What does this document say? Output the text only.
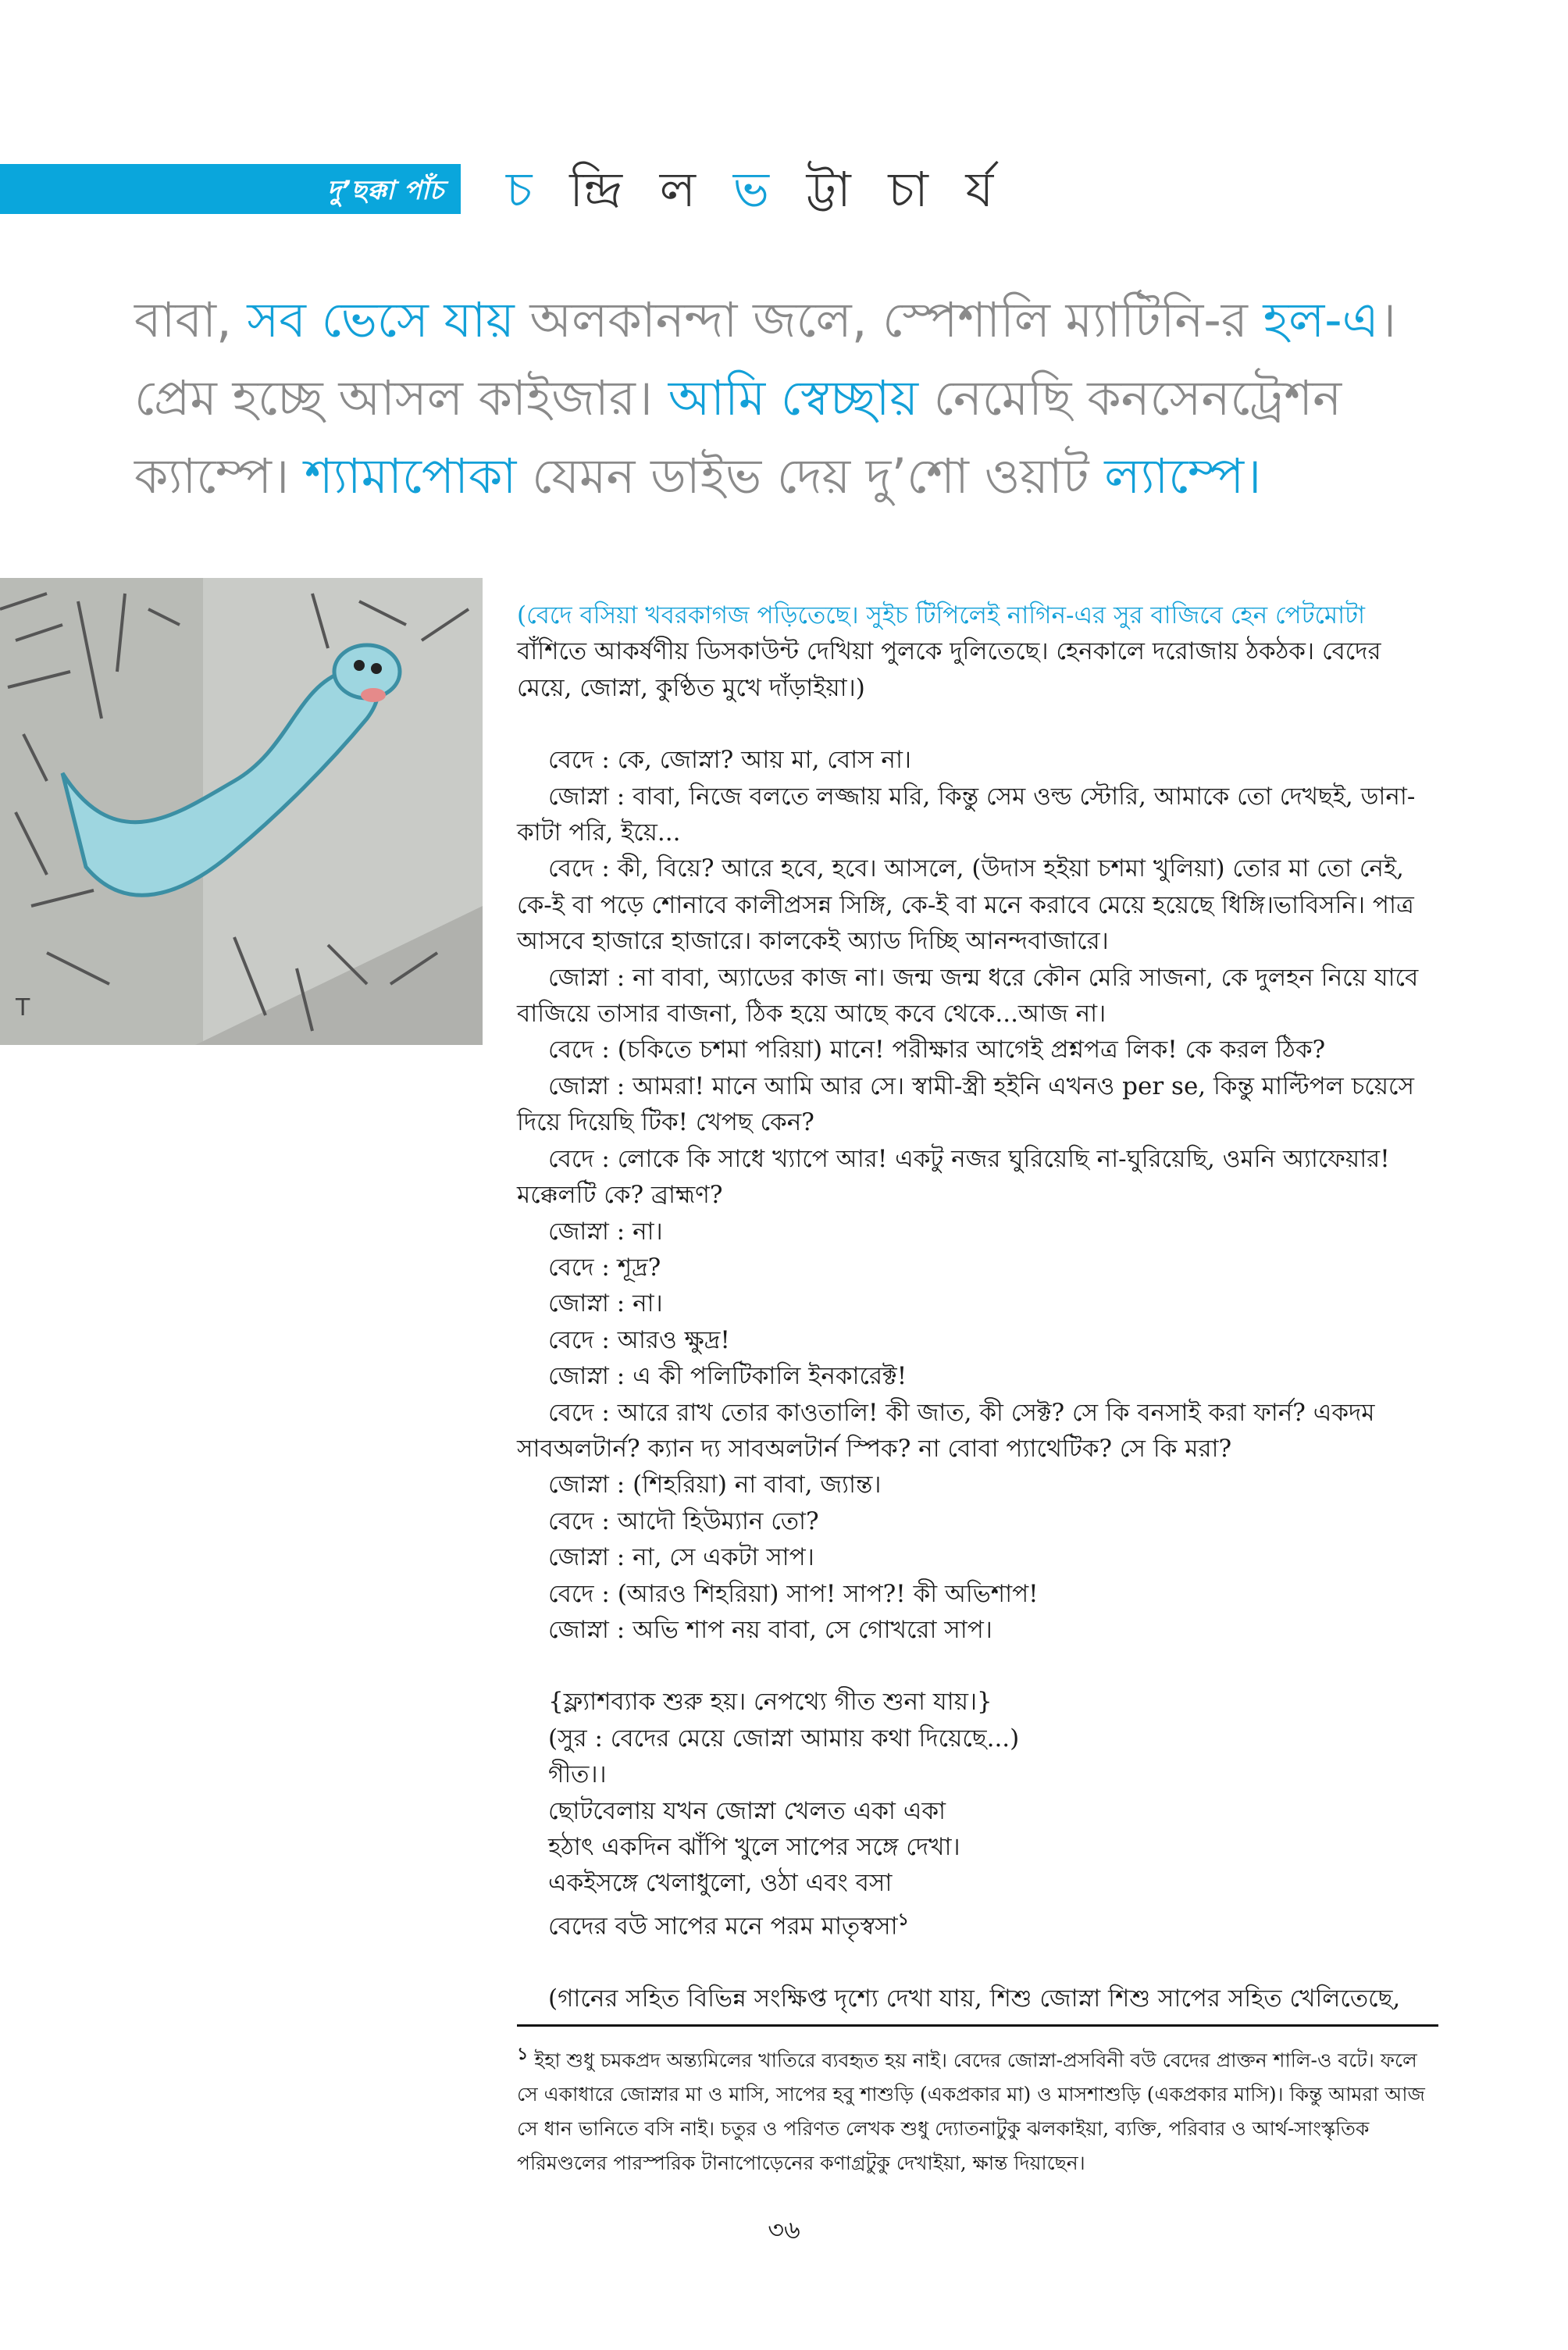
দু’ছক্কা পাঁচ চ ন্দ্রি ল ভ ট্টা চা র্য
বাবা, সব ভেসে যায় অলকানন্দা জলে, স্পেশালি ম্যাটিনি-র হল-এ। প্রেম হচ্ছে আসল কাইজার। আমি স্বেচ্ছায় নেমেছি কনসেনট্রেশন ক্যাম্পে। শ্যামাপোকা যেমন ডাইভ দেয় দু’শো ওয়াট ল্যাম্পে।
T

(বেদে বসিয়া খবরকাগজ পড়িতেছে। সুইচ টিপিলেই নাগিন-এর সুর বাজিবে হেন পেটমোটা বাঁশিতে আকর্ষণীয় ডিসকাউন্ট দেখিয়া পুলকে দুলিতেছে। হেনকালে দরোজায় ঠকঠক। বেদের মেয়ে, জোস্না, কুণ্ঠিত মুখে দাঁড়াইয়া।)

বেদে : কে, জোস্না? আয় মা, বোস না।

জোস্না : বাবা, নিজে বলতে লজ্জায় মরি, কিন্তু সেম ওল্ড স্টোরি, আমাকে তো দেখছই, ডানা-কাটা পরি, ইয়ে...

বেদে : কী, বিয়ে? আরে হবে, হবে। আসলে, (উদাস হইয়া চশমা খুলিয়া) তোর মা তো নেই, কে-ই বা পড়ে শোনাবে কালীপ্রসন্ন সিঙ্গি, কে-ই বা মনে করাবে মেয়ে হয়েছে ধিঙ্গি।ভাবিসনি। পাত্র আসবে হাজারে হাজারে। কালকেই অ্যাড দিচ্ছি আনন্দবাজারে।

জোস্না : না বাবা, অ্যাডের কাজ না। জন্ম জন্ম ধরে কৌন মেরি সাজনা, কে দুলহন নিয়ে যাবে বাজিয়ে তাসার বাজনা, ঠিক হয়ে আছে কবে থেকে...আজ না।

বেদে : (চকিতে চশমা পরিয়া) মানে! পরীক্ষার আগেই প্রশ্নপত্র লিক! কে করল ঠিক?

জোস্না : আমরা! মানে আমি আর সে। স্বামী-স্ত্রী হইনি এখনও per se, কিন্তু মাল্টিপল চয়েসে দিয়ে দিয়েছি টিক! খেপছ কেন?

বেদে : লোকে কি সাধে খ্যাপে আর! একটু নজর ঘুরিয়েছি না-ঘুরিয়েছি, ওমনি অ্যাফেয়ার! মক্কেলটি কে? ব্রাহ্মণ?

জোস্না : না।

বেদে : শূদ্র?

জোস্না : না।

বেদে : আরও ক্ষুদ্র!

জোস্না : এ কী পলিটিকালি ইনকারেক্ট!

বেদে : আরে রাখ তোর কাওতালি! কী জাত, কী সেক্ট? সে কি বনসাই করা ফার্ন? একদম সাবঅলটার্ন? ক্যান দ্য সাবঅলটার্ন স্পিক? না বোবা প্যাথেটিক? সে কি মরা?

জোস্না : (শিহরিয়া) না বাবা, জ্যান্ত।

বেদে : আদৌ হিউম্যান তো?

জোস্না : না, সে একটা সাপ।

বেদে : (আরও শিহরিয়া) সাপ! সাপ?! কী অভিশাপ!

জোস্না : অভি শাপ নয় বাবা, সে গোখরো সাপ।

{ফ্ল্যাশব্যাক শুরু হয়। নেপথ্যে গীত শুনা যায়।}

(সুর : বেদের মেয়ে জোস্না আমায় কথা দিয়েছে...)

গীত।।

ছোটবেলায় যখন জোস্না খেলত একা একা

হঠাৎ একদিন ঝাঁপি খুলে সাপের সঙ্গে দেখা।

একইসঙ্গে খেলাধুলো, ওঠা এবং বসা

বেদের বউ সাপের মনে পরম মাতৃস্বসা$^১$

(গানের সহিত বিভিন্ন সংক্ষিপ্ত দৃশ্যে দেখা যায়, শিশু জোস্না শিশু সাপের সহিত খেলিতেছে,

$^১$ ইহা শুধু চমকপ্রদ অন্ত্যমিলের খাতিরে ব্যবহৃত হয় নাই। বেদের জোস্না-প্রসবিনী বউ বেদের প্রাক্তন শালি-ও বটে। ফলে সে একাধারে জোস্নার মা ও মাসি, সাপের হবু শাশুড়ি (একপ্রকার মা) ও মাসশাশুড়ি (একপ্রকার মাসি)। কিন্তু আমরা আজ সে ধান ভানিতে বসি নাই। চতুর ও পরিণত লেখক শুধু দ্যোতনাটুকু ঝলকাইয়া, ব্যক্তি, পরিবার ও আর্থ-সাংস্কৃতিক পরিমণ্ডলের পারস্পরিক টানাপোড়েনের কণাগ্রটুকু দেখাইয়া, ক্ষান্ত দিয়াছেন।

৩৬
